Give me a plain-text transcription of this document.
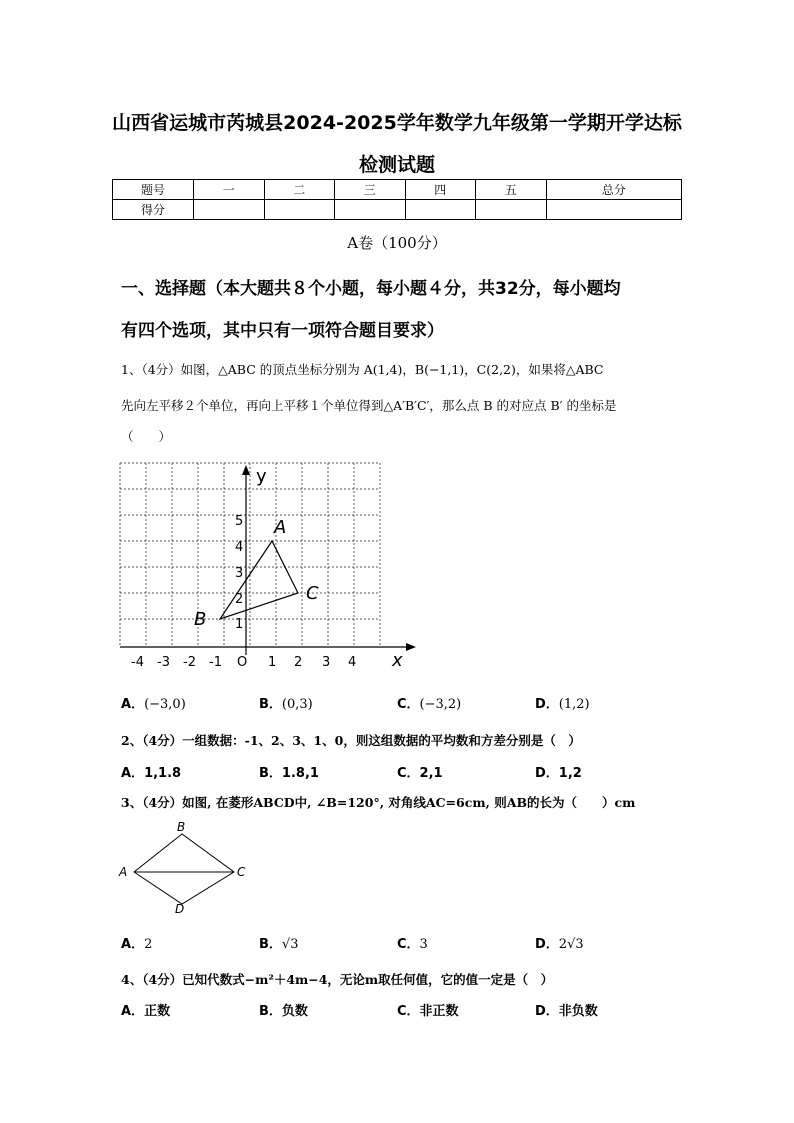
山西省运城市芮城县2024-2025学年数学九年级第一学期开学达标
检测试题
题号	一	二	三	四	五	总分
得分						
A卷（100分）
一、选择题（本大题共８个小题，每小题４分，共32分，每小题均
有四个选项，其中只有一项符合题目要求）
1、（4分）如图，△ABC 的顶点坐标分别为 A(1,4)，B(−1,1)，C(2,2)，如果将△ABC
先向左平移２个单位，再向上平移１个单位得到△A′B′C′，那么点 B 的对应点 B′ 的坐标是
（　　）
y
x
O
-4 -3 -2 -1	1 2 3 4
1
2
3
4
5 A
B
C
A．(−3,0)	B．(0,3)	C．(−3,2)	D．(1,2)
2、（4分）一组数据：-1、2、3、1、0，则这组数据的平均数和方差分别是（　）
A．1,1.8	B．1.8,1	C．2,1	D．1,2
3、（4分）如图, 在菱形ABCD中, ∠B=120°, 对角线AC=6cm, 则AB的长为（　　）cm
A
B
C
D
A．2	B．√3	C．3	D．2√3
4、（4分）已知代数式−m²＋4m−4，无论m取任何值，它的值一定是（　）
A．正数	B．负数	C．非正数	D．非负数
